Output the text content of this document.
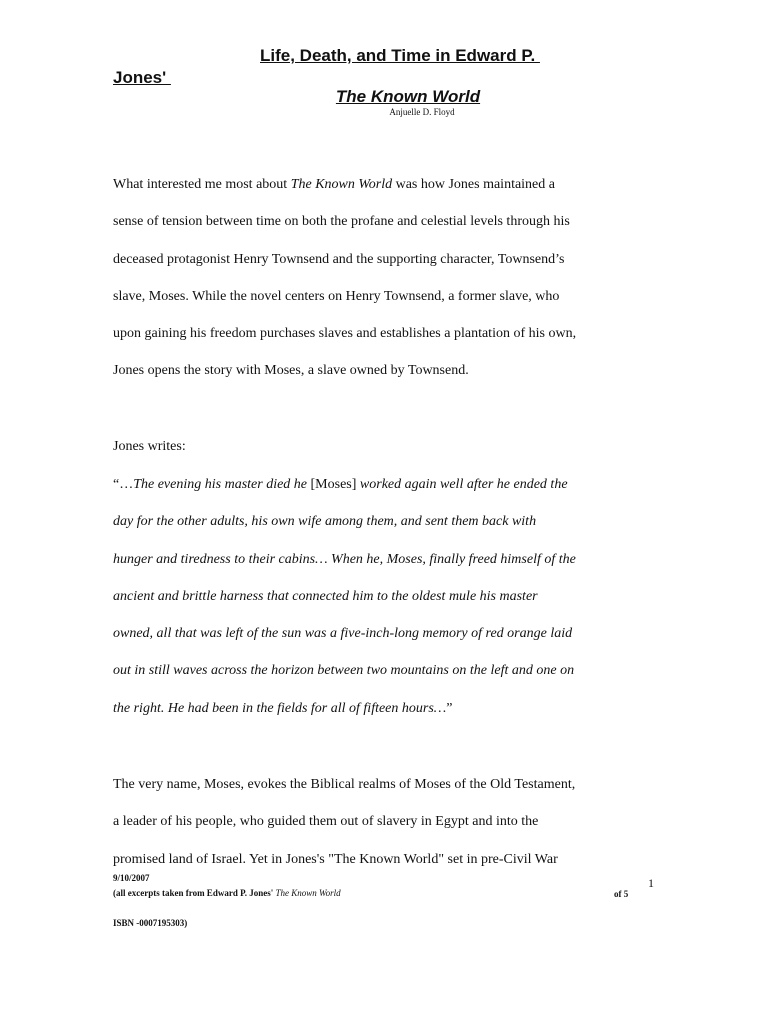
Life, Death, and Time in Edward P.
Jones'
The Known World
Anjuelle D. Floyd
What interested me most about The Known World was how Jones maintained a
sense of tension between time on both the profane and celestial levels through his
deceased protagonist Henry Townsend and the supporting character, Townsend’s
slave, Moses. While the novel centers on Henry Townsend, a former slave, who
upon gaining his freedom purchases slaves and establishes a plantation of his own,
Jones opens the story with Moses, a slave owned by Townsend.
Jones writes:
“…The evening his master died he [Moses] worked again well after he ended the
day for the other adults, his own wife among them, and sent them back with
hunger and tiredness to their cabins… When he, Moses, finally freed himself of the
ancient and brittle harness that connected him to the oldest mule his master
owned, all that was left of the sun was a five-inch-long memory of red orange laid
out in still waves across the horizon between two mountains on the left and one on
the right. He had been in the fields for all of fifteen hours…”
The very name, Moses, evokes the Biblical realms of Moses of the Old Testament,
a leader of his people, who guided them out of slavery in Egypt and into the
promised land of Israel. Yet in Jones's "The Known World" set in pre-Civil War
9/10/2007
(all excerpts taken from Edward P. Jones' The Known World
1
of 5
ISBN -0007195303)
